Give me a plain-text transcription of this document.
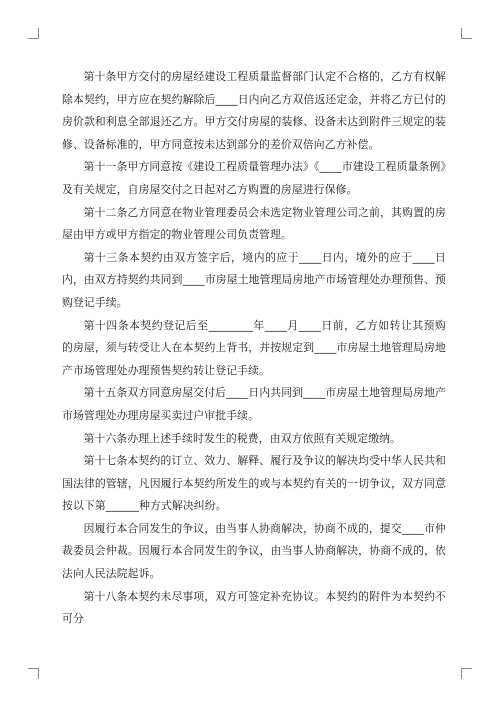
第十条甲方交付的房屋经建设工程质量监督部门认定不合格的，乙方有权解除本契约，甲方应在契约解除后____日内向乙方双倍返还定金，并将乙方已付的房价款和利息全部退还乙方。甲方交付房屋的装修、设备未达到附件三规定的装修、设备标准的，甲方同意按未达到部分的差价双倍向乙方补偿。

第十一条甲方同意按《建设工程质量管理办法》《____市建设工程质量条例》及有关规定，自房屋交付之日起对乙方购置的房屋进行保修。

第十二条乙方同意在物业管理委员会未选定物业管理公司之前，其购置的房屋由甲方或甲方指定的物业管理公司负责管理。

第十三条本契约由双方签字后，境内的应于____日内，境外的应于____日内，由双方持契约共同到____市房屋土地管理局房地产市场管理处办理预售、预购登记手续。

第十四条本契约登记后至________年____月____日前，乙方如转让其预购的房屋，须与转受让人在本契约上背书，并按规定到____市房屋土地管理局房地产市场管理处办理预售契约转让登记手续。

第十五条双方同意房屋交付后____日内共同到____市房屋土地管理局房地产市场管理处办理房屋买卖过户审批手续。

第十六条办理上述手续时发生的税费，由双方依照有关规定缴纳。

第十七条本契约的订立、效力、解释、履行及争议的解决均受中华人民共和国法律的管辖，凡因履行本契约所发生的或与本契约有关的一切争议，双方同意按以下第______种方式解决纠纷。

因履行本合同发生的争议，由当事人协商解决，协商不成的，提交____市仲裁委员会仲裁。因履行本合同发生的争议，由当事人协商解决，协商不成的，依法向人民法院起诉。

第十八条本契约未尽事项，双方可签定补充协议。本契约的附件为本契约不可分
